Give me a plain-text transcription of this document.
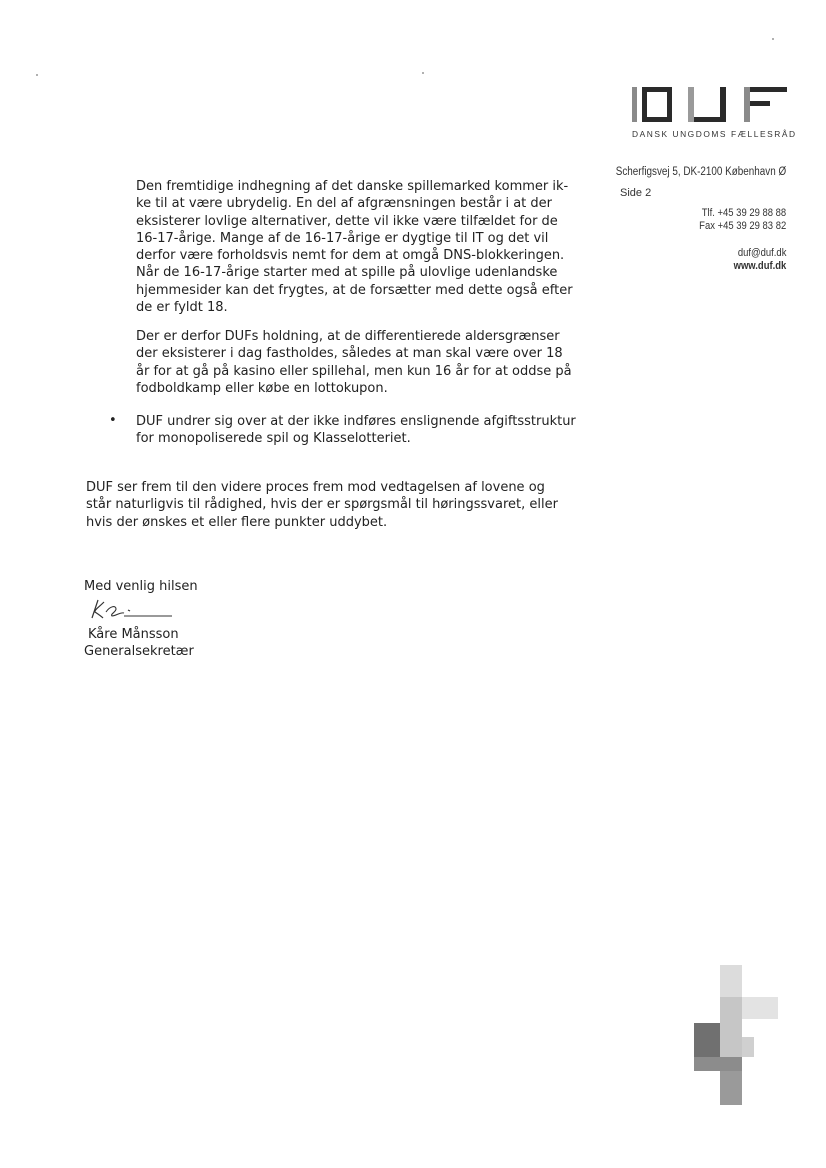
DANSK UNGDOMS FÆLLESRÅD
Scherfigsvej 5, DK-2100 København Ø
Side 2
Tlf. +45 39 29 88 88
Fax +45 39 29 83 82
duf@duf.dk
www.duf.dk

Den fremtidige indhegning af det danske spillemarked kommer ik-
ke til at være ubrydelig. En del af afgrænsningen består i at der
eksisterer lovlige alternativer, dette vil ikke være tilfældet for de
16-17-årige. Mange af de 16-17-årige er dygtige til IT og det vil
derfor være forholdsvis nemt for dem at omgå DNS-blokkeringen.
Når de 16-17-årige starter med at spille på ulovlige udenlandske
hjemmesider kan det frygtes, at de forsætter med dette også efter
de er fyldt 18.

Der er derfor DUFs holdning, at de differentierede aldersgrænser
der eksisterer i dag fastholdes, således at man skal være over 18
år for at gå på kasino eller spillehal, men kun 16 år for at oddse på
fodboldkamp eller købe en lottokupon.

• DUF undrer sig over at der ikke indføres enslignende afgiftsstruktur
for monopoliserede spil og Klasselotteriet.

DUF ser frem til den videre proces frem mod vedtagelsen af lovene og
står naturligvis til rådighed, hvis der er spørgsmål til høringssvaret, eller
hvis der ønskes et eller flere punkter uddybet.

Med venlig hilsen
Kåre Månsson
Generalsekretær
